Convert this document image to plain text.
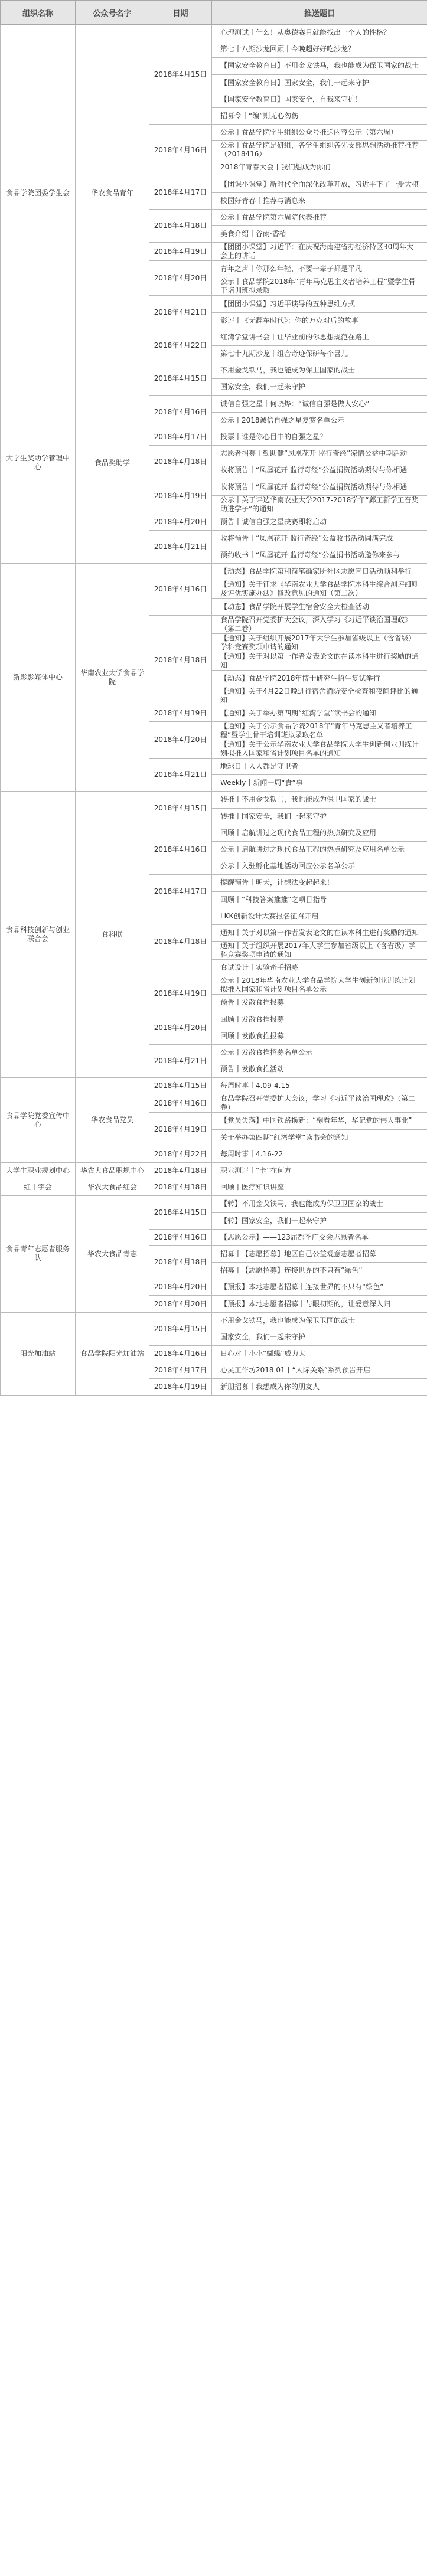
组织名称	公众号名字	日期	推送题目
食品学院团委学生会	华农食品青年	2018年4月15日	心理测试丨什么！从奥德赛目就能找出一个人的性格？
			第七十八期沙龙回顾丨今晚超好好吃沙龙？
			【国家安全教育日】不用金戈铁马，我也能成为保卫国家的战士
			【国家安全教育日】国家安全，我们一起来守护
			【国家安全教育日】国家安全，自我来守护！
			招募令丨“编”则无心勿伤
		2018年4月16日	公示丨食品学院学生组织公众号推送内容公示（第六周）
			公示丨食品学院是研组，各学生组织各先支部思想活动推荐推荐（2018416）
			2018年青春大会丨我们想成为你们
		2018年4月17日	【团课小课堂】新时代全面深化改革开放，习近平下了一步大棋
			校园好青春丨推荐与消息来
		2018年4月18日	公示丨食品学院第六周院代表推荐
			美食介绍丨谷雨·香椿
		2018年4月19日	【团团小课堂】习近平：在庆祝海南建省办经济特区30周年大会上的讲话
		2018年4月20日	青年之声丨你那么年轻，不要一辈子都是平凡
			公示丨食品学院2018年“青年马克思主义者培养工程”暨学生骨干培训班拟录取
		2018年4月21日	【团团小课堂】习近平谈导的五种思维方式
			影评丨《无翻车时代》：你的万克对后的故事
		2018年4月22日	红湾学堂讲书会丨让毕业前的你思想规范在路上
			第七十九期沙龙丨组合奇迹保研每个暑儿
大学生奖助学管理中心	食品奖助学	2018年4月15日	不用金戈铁马，我也能成为保卫国家的战士
			国家安全，我们一起来守护
		2018年4月16日	诚信自强之星丨何晓烨：“诚信自强是做人安心”
			公示丨2018诚信自强之星复赛名单公示
		2018年4月17日	投票丨谁是你心目中的自强之星？
		2018年4月18日	志愿者招募丨勤助健“凤凰花开 监行奇经”凉情公益中期活动
			收将预告丨“凤凰花开 监行奇经”公益捐资活动期待与你相遇
		2018年4月19日	收将预告丨“凤凰花开 监行奇经”公益捐资活动期待与你相遇
			公示丨关于评选华南农业大学2017-2018学年“鄺工新学工奋奖助进学子”的通知
		2018年4月20日	预告丨诚信自强之星决赛即将启动
		2018年4月21日	收将预告丨“凤凰花开 监行奇经”公益收书活动圆满完成
			预约收书丨“凤凰花开 监行奇经”公益捐书活动邀你来参与
新影影媒体中心	华南农业大学食品学院	2018年4月16日	【动态】食品学院第和简笔确家所社区志愿宣日活动顺利举行
			【通知】关于征求《华南农业大学食品学院本科生综合测评细则及评优实施办法》修改意见的通知（第二次）
			【动态】食品学院开展学生宿舍安全大检查活动
		2018年4月18日	食品学院召开党委扩大会议，深入学习《习近平谈治国理政》（第二卷）
			【通知】关于组织开展2017年大学生参加省级以上（含省级）学科竞赛奖项申请的通知
			【通知】关于对以第一作者发表论文的在读本科生进行奖励的通知
			【动态】食品学院2018年博士研究生招生复试举行
			【通知】关于4月22日晚进行宿舍消防安全检查和夜间评比的通知
		2018年4月19日	【通知】关于举办第四期“红湾学堂”读书会的通知
		2018年4月20日	【通知】关于公示食品学院2018年“青年马克思主义者培养工程”暨学生骨干培训班拟录取名单
			【通知】关于公示华南农业大学食品学院大学生创新创业训练计划拟推入国家和省计划项目名单的通知
		2018年4月21日	地球日丨人人都是守卫者
			Weekly丨新闻一周“食”事
食品科技创新与创业联合会	食科联	2018年4月15日	转推丨不用金戈铁马，我也能成为保卫国家的战士
			转推丨国家安全，我们一起来守护
		2018年4月16日	回顾丨启航讲过之现代食品工程的热点研究及应用
			公示丨启航讲过之现代食品工程的热点研究及应用名单公示
			公示丨入驻孵化基地活动回应公示名单公示
		2018年4月17日	提醒预告丨明天，让想法变起起来！
			回顾丨“科技答案推推”之项目指导
		2018年4月18日	LKK创新设计大赛报名征召开启
			通知丨关于对以第一作者发表论文的在读本科生进行奖励的通知
			通知丨关于组织开展2017年大学生参加省级以上（含省级）学科竞赛奖项申请的通知
			食试设计丨实验奇手招募
		2018年4月19日	公示丨2018年华南农业大学食品学院大学生创新创业训练计划拟推入国家和省计划项目名单公示
			预告丨发散食推报募
		2018年4月20日	回顾丨发散食推报募
			回顾丨发散食推报募
		2018年4月21日	公示丨发散食推招募名单公示
			预告丨发散食推活动
食品学院党委宣传中心	华农食品党员	2018年4月15日	每周时事丨4.09-4.15
		2018年4月16日	食品学院召开党委扩大会议，学习《习近平谈治国理政》（第二卷）
		2018年4月19日	【党员失落】中国铁路换新：“翻看年华，华记党的伟大事业”
			关于举办第四期“红湾学堂”读书会的通知
		2018年4月22日	每周时事丨4.16-22
大学生职业规划中心	华农大食品职规中心	2018年4月18日	职业测评丨“卡”在何方
红十字会	华农大食品红会	2018年4月18日	回顾丨医疗知识讲座
食品青年志愿者服务队	华农大食品青志	2018年4月15日	【转】不用金戈铁马，我也能成为保卫卫国家的战士
			【转】国家安全，我们一起来守护
		2018年4月16日	【志愿公示】——123届都季广交会志愿者名单
		2018年4月18日	招募丨【志愿招募】地区自己公益观意志愿者招募
			招募丨【志愿招募】连接世界的不只有“绿色”
		2018年4月20日	【预报】本地志愿者招募丨连接世界的不只有“绿色”
		2018年4月20日	【预报】本地志愿者招募丨与眼初期的，让爱意深入归
阳光加油站	食品学院阳光加油站	2018年4月15日	不用金戈铁马，我也能成为保卫卫国的战士
			国家安全，我们一起来守护
		2018年4月16日	日心对丨小小“蝴蝶”威力大
		2018年4月17日	心灵工作坊2018 01丨“人际关系”系列预告开启
		2018年4月19日	新朋招募丨我想成为你的朋友人
